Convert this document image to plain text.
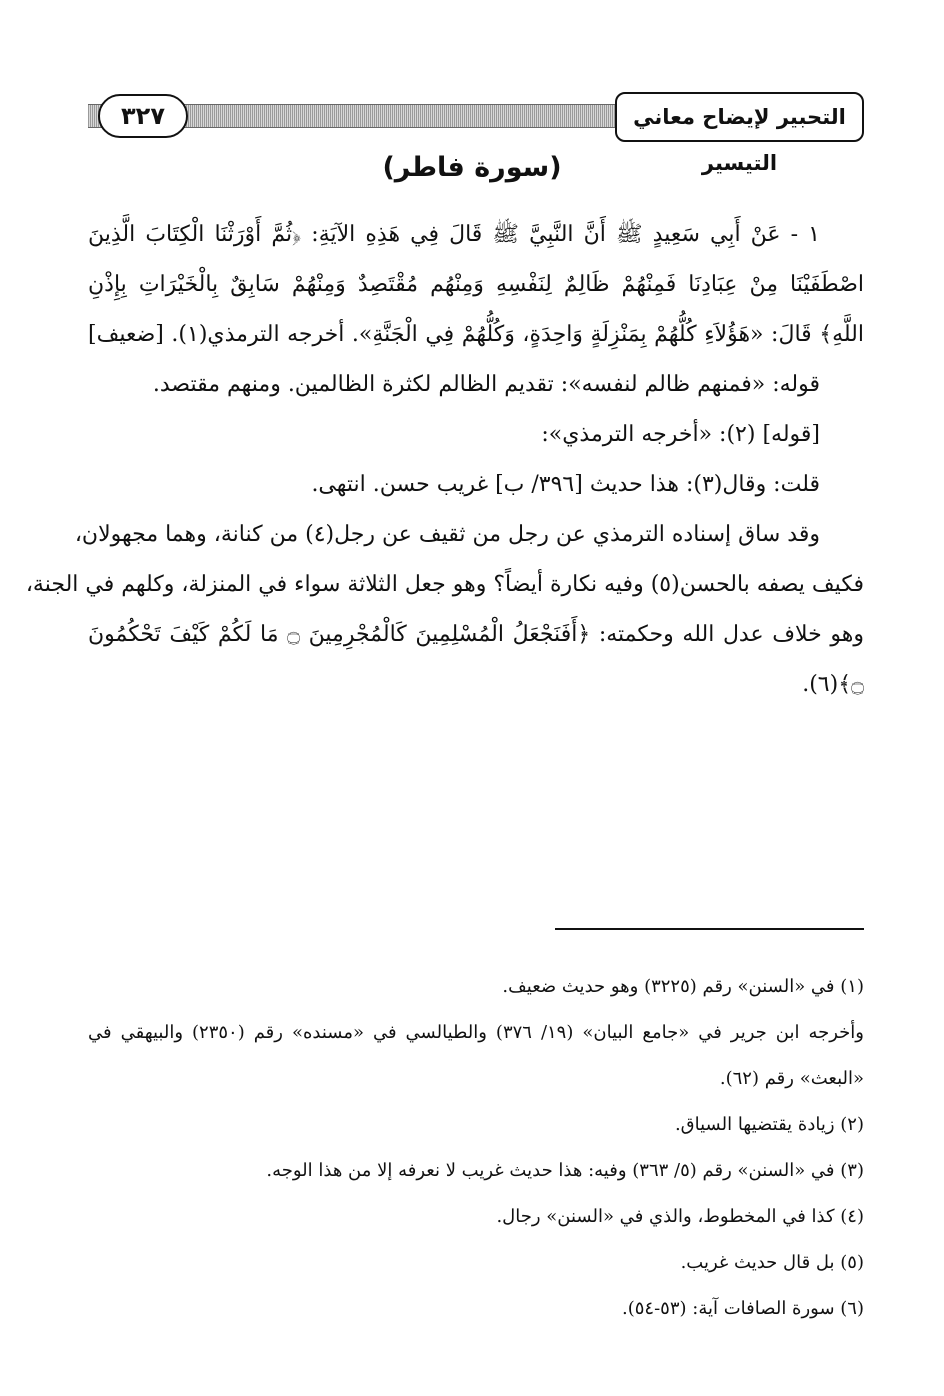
٣٢٧	التحبير لإيضاح معاني التيسير
(سورة فاطر)
١ - عَنْ أَبِي سَعِيدٍ ﷺ أَنَّ النَّبِيَّ ﷺ قَالَ فِي هَذِهِ الآيَةِ: ﴿ثُمَّ أَوْرَثْنَا الْكِتَابَ الَّذِينَ
اصْطَفَيْنَا مِنْ عِبَادِنَا فَمِنْهُمْ ظَالِمٌ لِنَفْسِهِ وَمِنْهُم مُقْتَصِدٌ وَمِنْهُمْ سَابِقٌ بِالْخَيْرَاتِ بِإِذْنِ
اللَّهِ﴾ قَالَ: «هَؤُلاَءِ كُلُّهُمْ بِمَنْزِلَةٍ وَاحِدَةٍ، وَكُلُّهُمْ فِي الْجَنَّةِ». أخرجه الترمذي(١). [ضعيف]
قوله: «فمنهم ظالم لنفسه»: تقديم الظالم لكثرة الظالمين. ومنهم مقتصد.
[قوله] (٢): «أخرجه الترمذي»:
قلت: وقال(٣): هذا حديث [٣٩٦/ ب] غريب حسن. انتهى.
وقد ساق إسناده الترمذي عن رجل من ثقيف عن رجل(٤) من كنانة، وهما مجهولان،
فكيف يصفه بالحسن(٥) وفيه نكارة أيضاً؟ وهو جعل الثلاثة سواء في المنزلة، وكلهم في الجنة،
وهو خلاف عدل الله وحكمته: ﴿أَفَنَجْعَلُ الْمُسْلِمِينَ كَالْمُجْرِمِينَ ۝ مَا لَكُمْ كَيْفَ تَحْكُمُونَ
۝﴾(٦).
(١) في «السنن» رقم (٣٢٢٥) وهو حديث ضعيف.
وأخرجه ابن جرير في «جامع البيان» (١٩/ ٣٧٦) والطيالسي في «مسنده» رقم (٢٣٥٠) والبيهقي في
«البعث» رقم (٦٢).
(٢) زيادة يقتضيها السياق.
(٣) في «السنن» رقم (٥/ ٣٦٣) وفيه: هذا حديث غريب لا نعرفه إلا من هذا الوجه.
(٤) كذا في المخطوط، والذي في «السنن» رجال.
(٥) بل قال حديث غريب.
(٦) سورة الصافات آية: (٥٣-٥٤).
